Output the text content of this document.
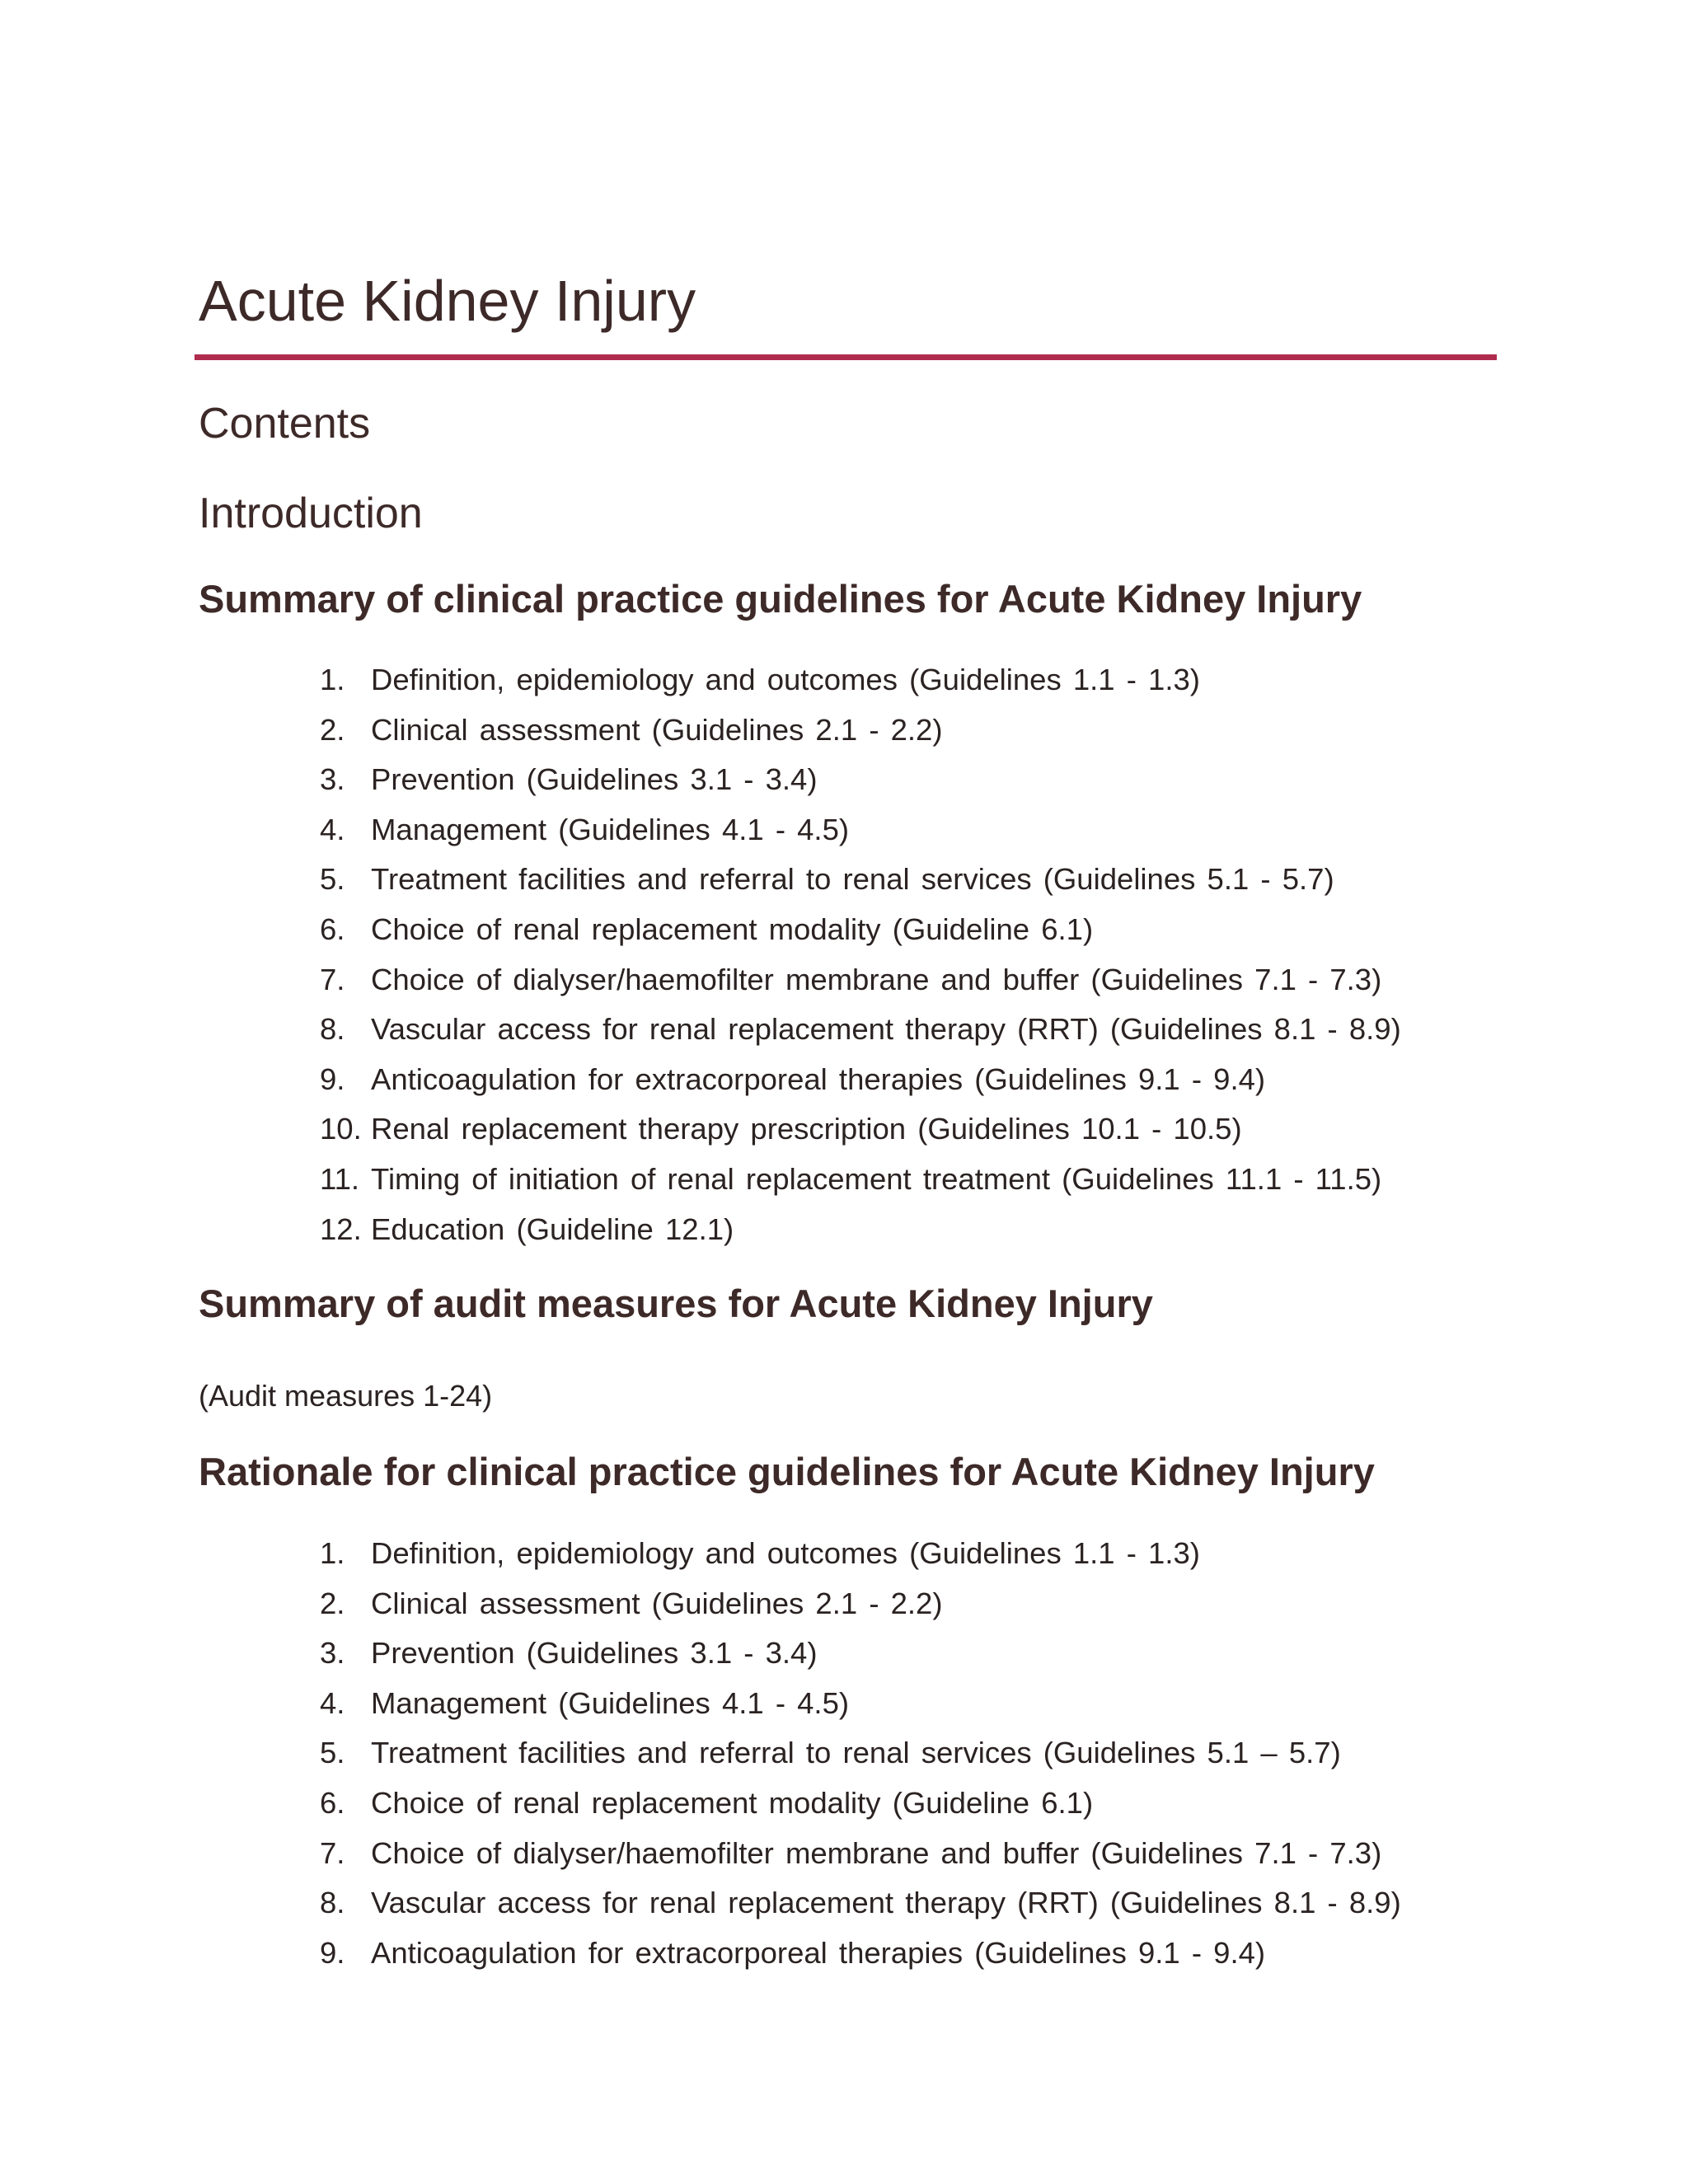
Acute Kidney Injury
Contents
Introduction
Summary of clinical practice guidelines for Acute Kidney Injury
1. Definition, epidemiology and outcomes (Guidelines 1.1 - 1.3)
2. Clinical assessment (Guidelines 2.1 - 2.2)
3. Prevention (Guidelines 3.1 - 3.4)
4. Management (Guidelines 4.1 - 4.5)
5. Treatment facilities and referral to renal services (Guidelines 5.1 - 5.7)
6. Choice of renal replacement modality (Guideline 6.1)
7. Choice of dialyser/haemofilter membrane and buffer (Guidelines 7.1 - 7.3)
8. Vascular access for renal replacement therapy (RRT) (Guidelines 8.1 - 8.9)
9. Anticoagulation for extracorporeal therapies (Guidelines 9.1 - 9.4)
10. Renal replacement therapy prescription (Guidelines 10.1 - 10.5)
11. Timing of initiation of renal replacement treatment (Guidelines 11.1 - 11.5)
12. Education (Guideline 12.1)
Summary of audit measures for Acute Kidney Injury

(Audit measures 1-24)

Rationale for clinical practice guidelines for Acute Kidney Injury
1. Definition, epidemiology and outcomes (Guidelines 1.1 - 1.3)
2. Clinical assessment (Guidelines 2.1 - 2.2)
3. Prevention (Guidelines 3.1 - 3.4)
4. Management (Guidelines 4.1 - 4.5)
5. Treatment facilities and referral to renal services (Guidelines 5.1 – 5.7)
6. Choice of renal replacement modality (Guideline 6.1)
7. Choice of dialyser/haemofilter membrane and buffer (Guidelines 7.1 - 7.3)
8. Vascular access for renal replacement therapy (RRT) (Guidelines 8.1 - 8.9)
9. Anticoagulation for extracorporeal therapies (Guidelines 9.1 - 9.4)
